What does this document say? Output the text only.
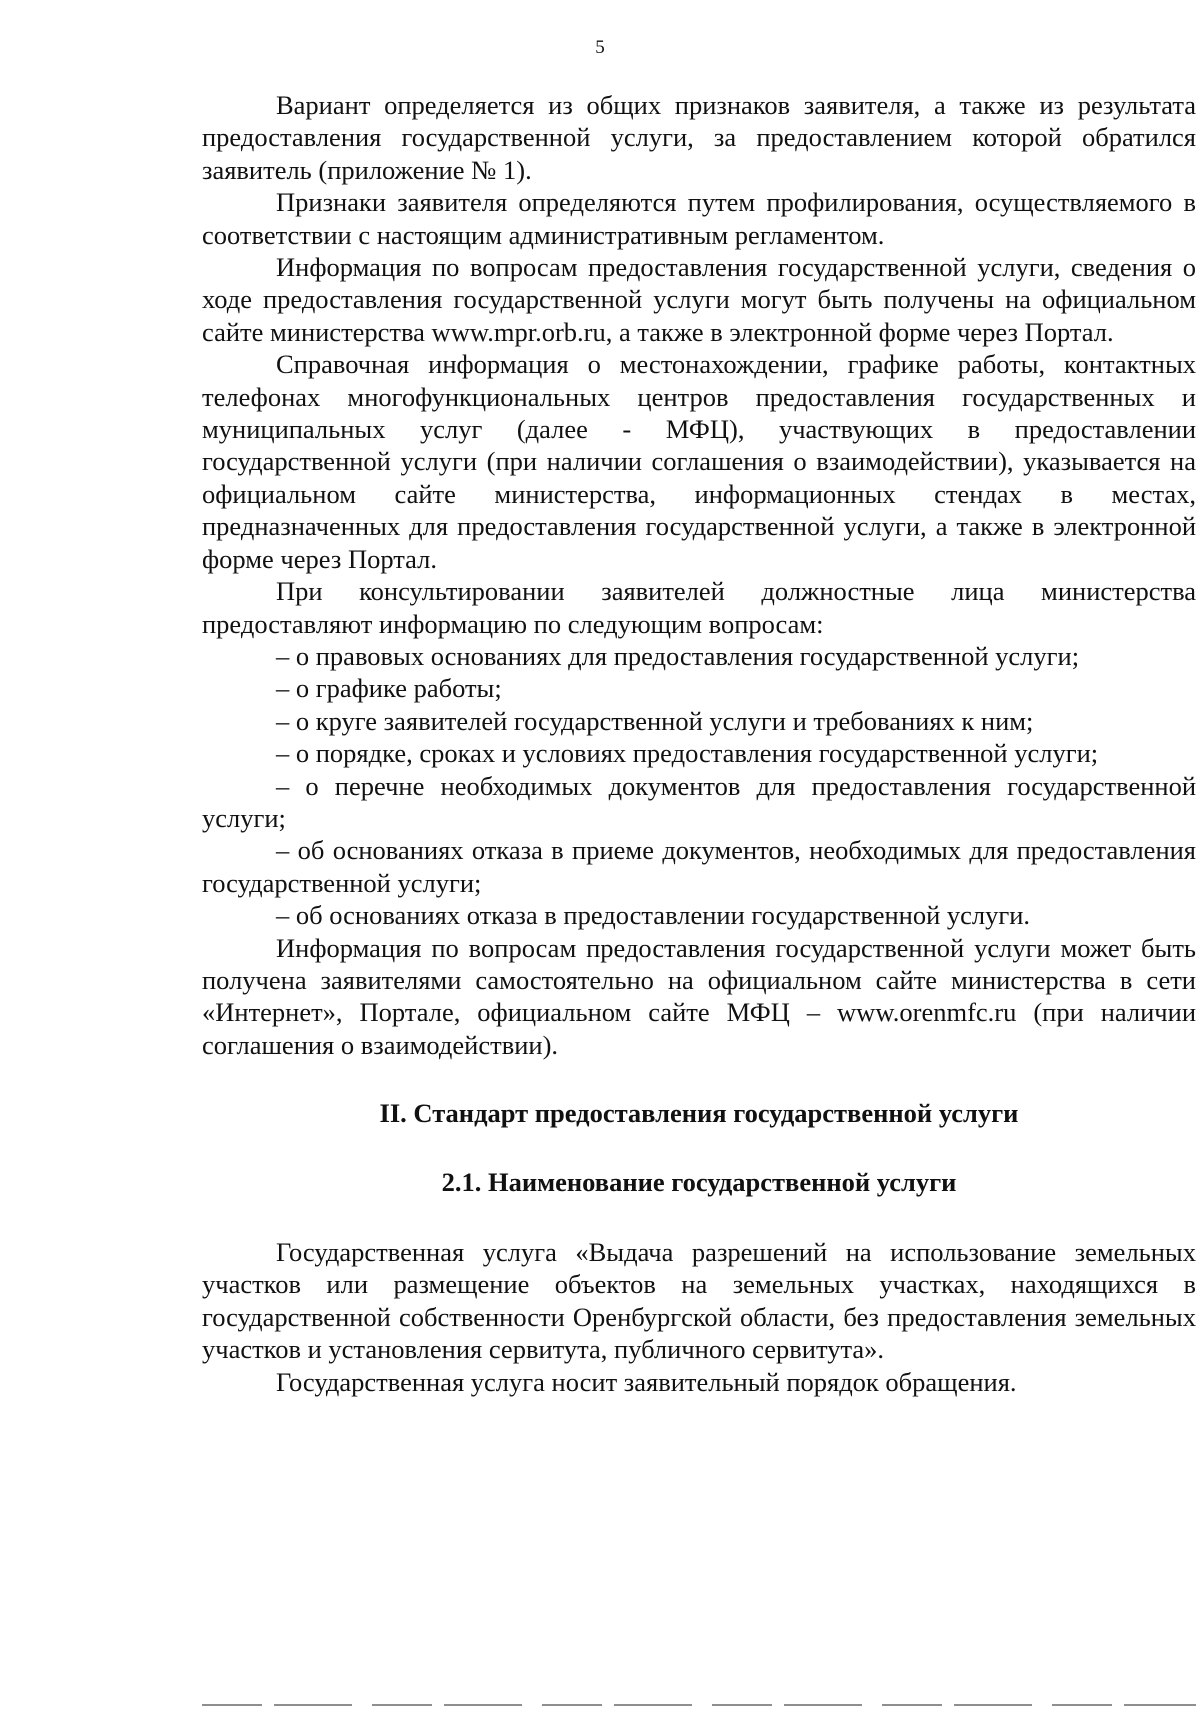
5

Вариант определяется из общих признаков заявителя, а также из результата предоставления государственной услуги, за предоставлением которой обратился заявитель (приложение № 1).

Признаки заявителя определяются путем профилирования, осуществляемого в соответствии с настоящим административным регламентом.

Информация по вопросам предоставления государственной услуги, сведения о ходе предоставления государственной услуги могут быть получены на официальном сайте министерства www.mpr.orb.ru, а также в электронной форме через Портал.

Справочная информация о местонахождении, графике работы, контактных телефонах многофункциональных центров предоставления государственных и муниципальных услуг (далее - МФЦ), участвующих в предоставлении государственной услуги (при наличии соглашения о взаимодействии), указывается на официальном сайте министерства, информационных стендах в местах, предназначенных для предоставления государственной услуги, а также в электронной форме через Портал.

При консультировании заявителей должностные лица министерства предоставляют информацию по следующим вопросам:

– о правовых основаниях для предоставления государственной услуги;

– о графике работы;

– о круге заявителей государственной услуги и требованиях к ним;

– о порядке, сроках и условиях предоставления государственной услуги;

– о перечне необходимых документов для предоставления государственной услуги;

– об основаниях отказа в приеме документов, необходимых для предоставления государственной услуги;

– об основаниях отказа в предоставлении государственной услуги.

Информация по вопросам предоставления государственной услуги может быть получена заявителями самостоятельно на официальном сайте министерства в сети «Интернет», Портале, официальном сайте МФЦ – www.orenmfc.ru (при наличии соглашения о взаимодействии).

II. Стандарт предоставления государственной услуги

2.1. Наименование государственной услуги

Государственная услуга «Выдача разрешений на использование земельных участков или размещение объектов на земельных участках, находящихся в государственной собственности Оренбургской области, без предоставления земельных участков и установления сервитута, публичного сервитута».

Государственная услуга носит заявительный порядок обращения.
